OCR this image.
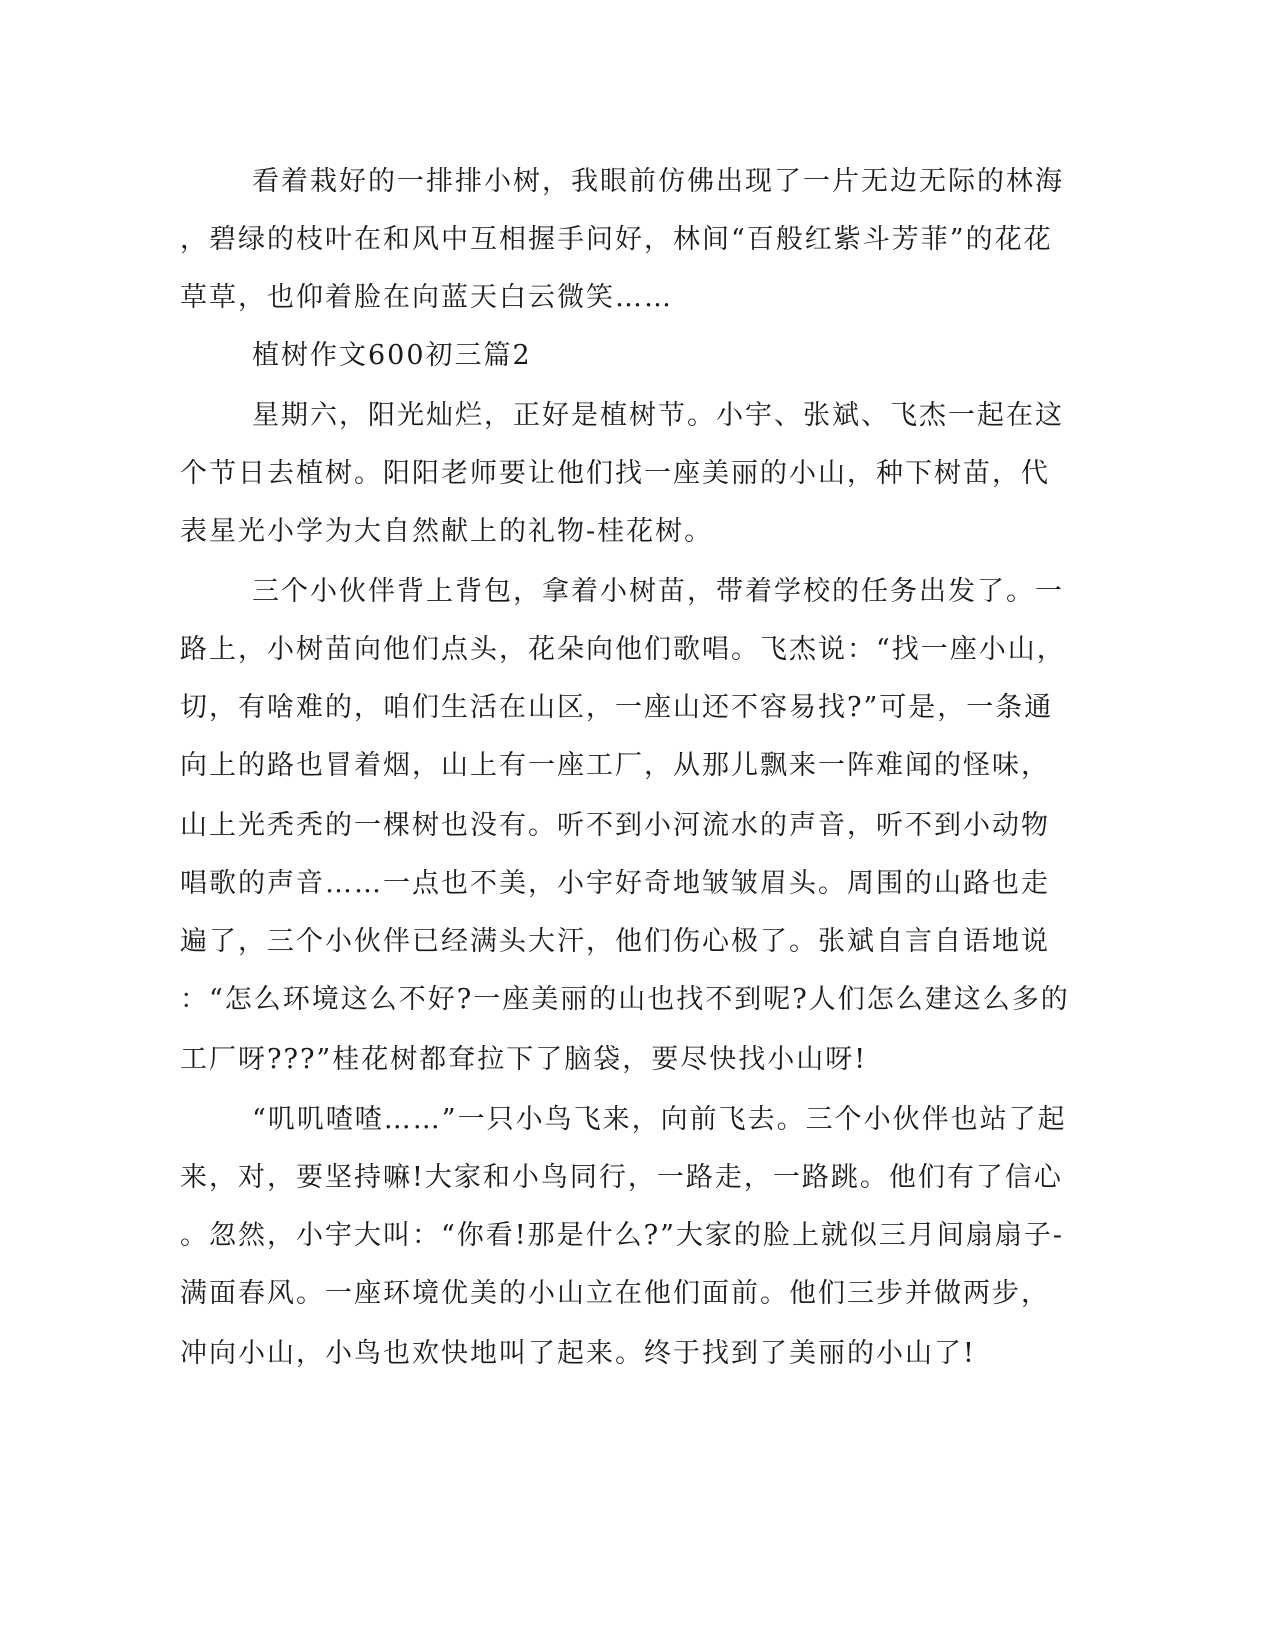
看着栽好的一排排小树，我眼前仿佛出现了一片无边无际的林海
，碧绿的枝叶在和风中互相握手问好，林间“百般红紫斗芳菲”的花花
草草，也仰着脸在向蓝天白云微笑……
植树作文600初三篇2
星期六，阳光灿烂，正好是植树节。小宇、张斌、飞杰一起在这
个节日去植树。阳阳老师要让他们找一座美丽的小山，种下树苗，代
表星光小学为大自然献上的礼物-桂花树。
三个小伙伴背上背包，拿着小树苗，带着学校的任务出发了。一
路上，小树苗向他们点头，花朵向他们歌唱。飞杰说：“找一座小山，
切，有啥难的，咱们生活在山区，一座山还不容易找?”可是，一条通
向上的路也冒着烟，山上有一座工厂，从那儿飘来一阵难闻的怪味，
山上光秃秃的一棵树也没有。听不到小河流水的声音，听不到小动物
唱歌的声音……一点也不美，小宇好奇地皱皱眉头。周围的山路也走
遍了，三个小伙伴已经满头大汗，他们伤心极了。张斌自言自语地说
：“怎么环境这么不好?一座美丽的山也找不到呢?人们怎么建这么多的
工厂呀???”桂花树都耷拉下了脑袋，要尽快找小山呀!
“叽叽喳喳……”一只小鸟飞来，向前飞去。三个小伙伴也站了起
来，对，要坚持嘛!大家和小鸟同行，一路走，一路跳。他们有了信心
。忽然，小宇大叫：“你看!那是什么?”大家的脸上就似三月间扇扇子-
满面春风。一座环境优美的小山立在他们面前。他们三步并做两步，
冲向小山，小鸟也欢快地叫了起来。终于找到了美丽的小山了!
